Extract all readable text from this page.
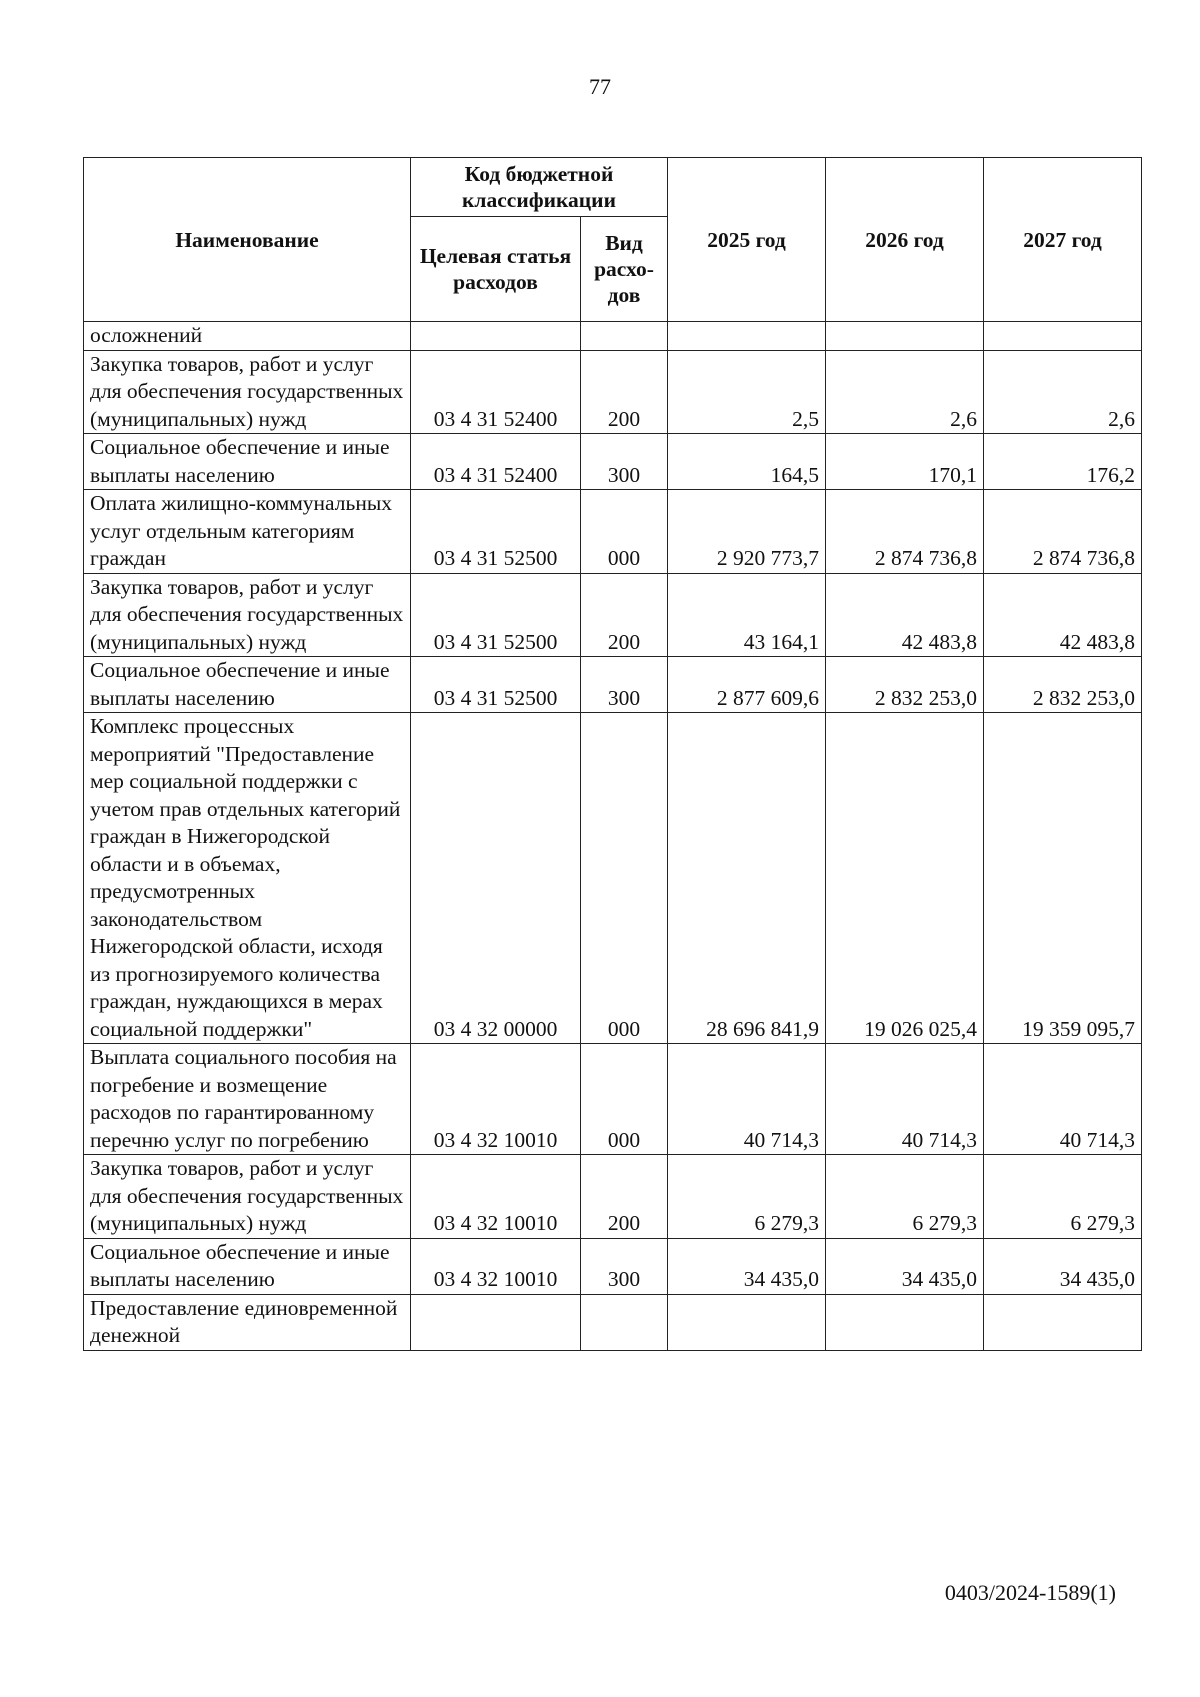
77
Наименование	Код бюджетной классификации		2025 год	2026 год	2027 год
	Целевая статья расходов	Вид расхо-дов			
осложнений					
Закупка товаров, работ и услуг для обеспечения государственных (муниципальных) нужд	03 4 31 52400	200	2,5	2,6	2,6
Социальное обеспечение и иные выплаты населению	03 4 31 52400	300	164,5	170,1	176,2
Оплата жилищно-коммунальных услуг отдельным категориям граждан	03 4 31 52500	000	2 920 773,7	2 874 736,8	2 874 736,8
Закупка товаров, работ и услуг для обеспечения государственных (муниципальных) нужд	03 4 31 52500	200	43 164,1	42 483,8	42 483,8
Социальное обеспечение и иные выплаты населению	03 4 31 52500	300	2 877 609,6	2 832 253,0	2 832 253,0
Комплекс процессных мероприятий "Предоставление мер социальной поддержки с учетом прав отдельных категорий граждан в Нижегородской области и в объемах, предусмотренных законодательством Нижегородской области, исходя из прогнозируемого количества граждан, нуждающихся в мерах социальной поддержки"	03 4 32 00000	000	28 696 841,9	19 026 025,4	19 359 095,7
Выплата социального пособия на погребение и возмещение расходов по гарантированному перечню услуг по погребению	03 4 32 10010	000	40 714,3	40 714,3	40 714,3
Закупка товаров, работ и услуг для обеспечения государственных (муниципальных) нужд	03 4 32 10010	200	6 279,3	6 279,3	6 279,3
Социальное обеспечение и иные выплаты населению	03 4 32 10010	300	34 435,0	34 435,0	34 435,0
Предоставление единовременной денежной					
0403/2024-1589(1)
